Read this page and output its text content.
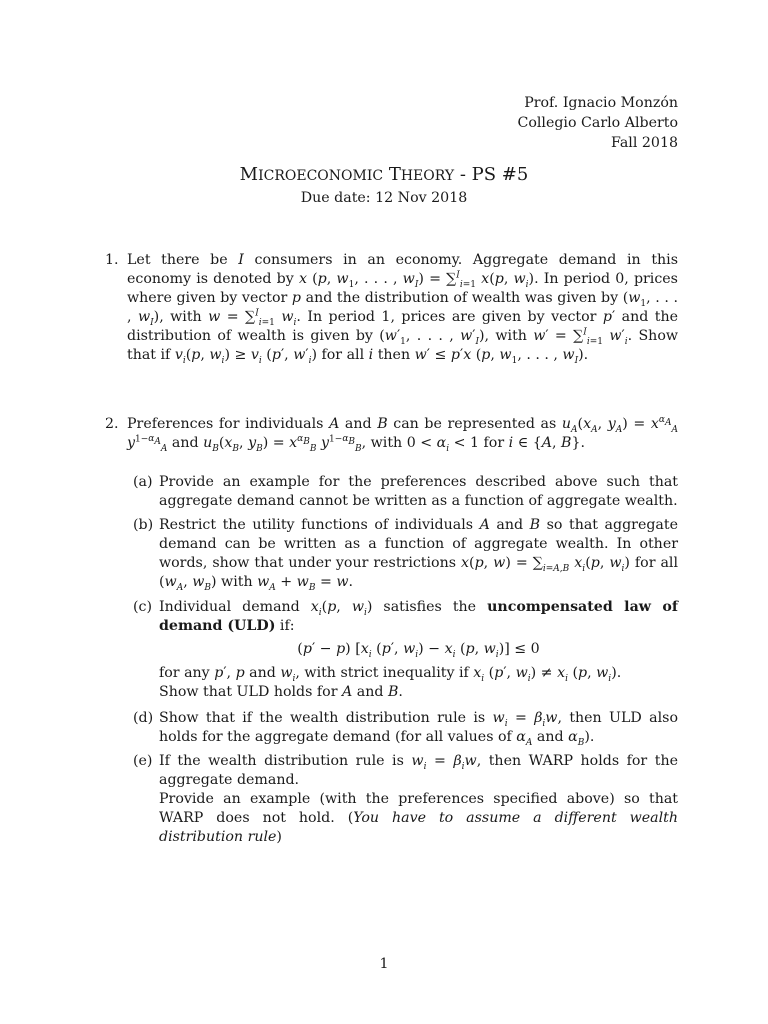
Prof. Ignacio Monzón
Collegio Carlo Alberto
Fall 2018
MICROECONOMIC THEORY - PS #5
Due date: 12 Nov 2018
1. Let there be I consumers in an economy. Aggregate demand in this economy is denoted by x (p, $w_1$, . . . , $w_I) = \sum^I_{i=1}$ x(p, $w_i$). In period 0, prices where given by vector p and the distribution of wealth was given by ($w_1$, . . . , $w_I$), with w = ∑$^I_{i=1}$ $w_i$. In period 1, prices are given by vector p′ and the distribution of wealth is given by ($w'_1$, . . . , $w'_I$), with w′ = ∑$^I_{i=1}$ $w'_i$. Show that if $v_i(p$, $w_i) \ge v_i$ (p′, $w'_i$) for all i then w′ ≤ p′x (p, $w_1$, . . . , $w_I$).
2. Preferences for individuals A and B can be represented as $u_A(x_A$, $y_A) = x^{\alpha_A}_A$ $y^{1-\alpha_A}_A$ and $u_B(x_B$, $y_B) = x^{\alpha_B}_B$ $y^{1-\alpha_B}_B$, with $0 < \alpha_i < 1$ for i ∈ {A, B}.
(a) Provide an example for the preferences described above such that aggregate demand cannot be written as a function of aggregate wealth.
(b) Restrict the utility functions of individuals A and B so that aggregate demand can be written as a function of aggregate wealth. In other words, show that under your restrictions x(p, $w) = \sum_{i=A,B}$ $x_i(p$, $w_i$) for all ($w_A$, $w_B$) with $w_A + w_B = w$.
(c) Individual demand $x_i(p$, $w_i$) satisfies the uncompensated law of demand (ULD) if:
(p′ − p) [$x_i$ (p′, $w_i) - x_i$ (p, $w_i)] \le 0$
for any p′, p and $w_i$, with strict inequality if $x_i$ (p′, $w_i) \ne x_i$ (p, $w_i$).
Show that ULD holds for A and B.
(d) Show that if the wealth distribution rule is $w_i = \beta_iw$, then ULD also holds for the aggregate demand (for all values of $\alpha_A$ and $\alpha_B$).
(e) If the wealth distribution rule is $w_i = \beta_iw$, then WARP holds for the aggregate demand.
Provide an example (with the preferences specified above) so that WARP does not hold. (You have to assume a different wealth distribution rule)
1
